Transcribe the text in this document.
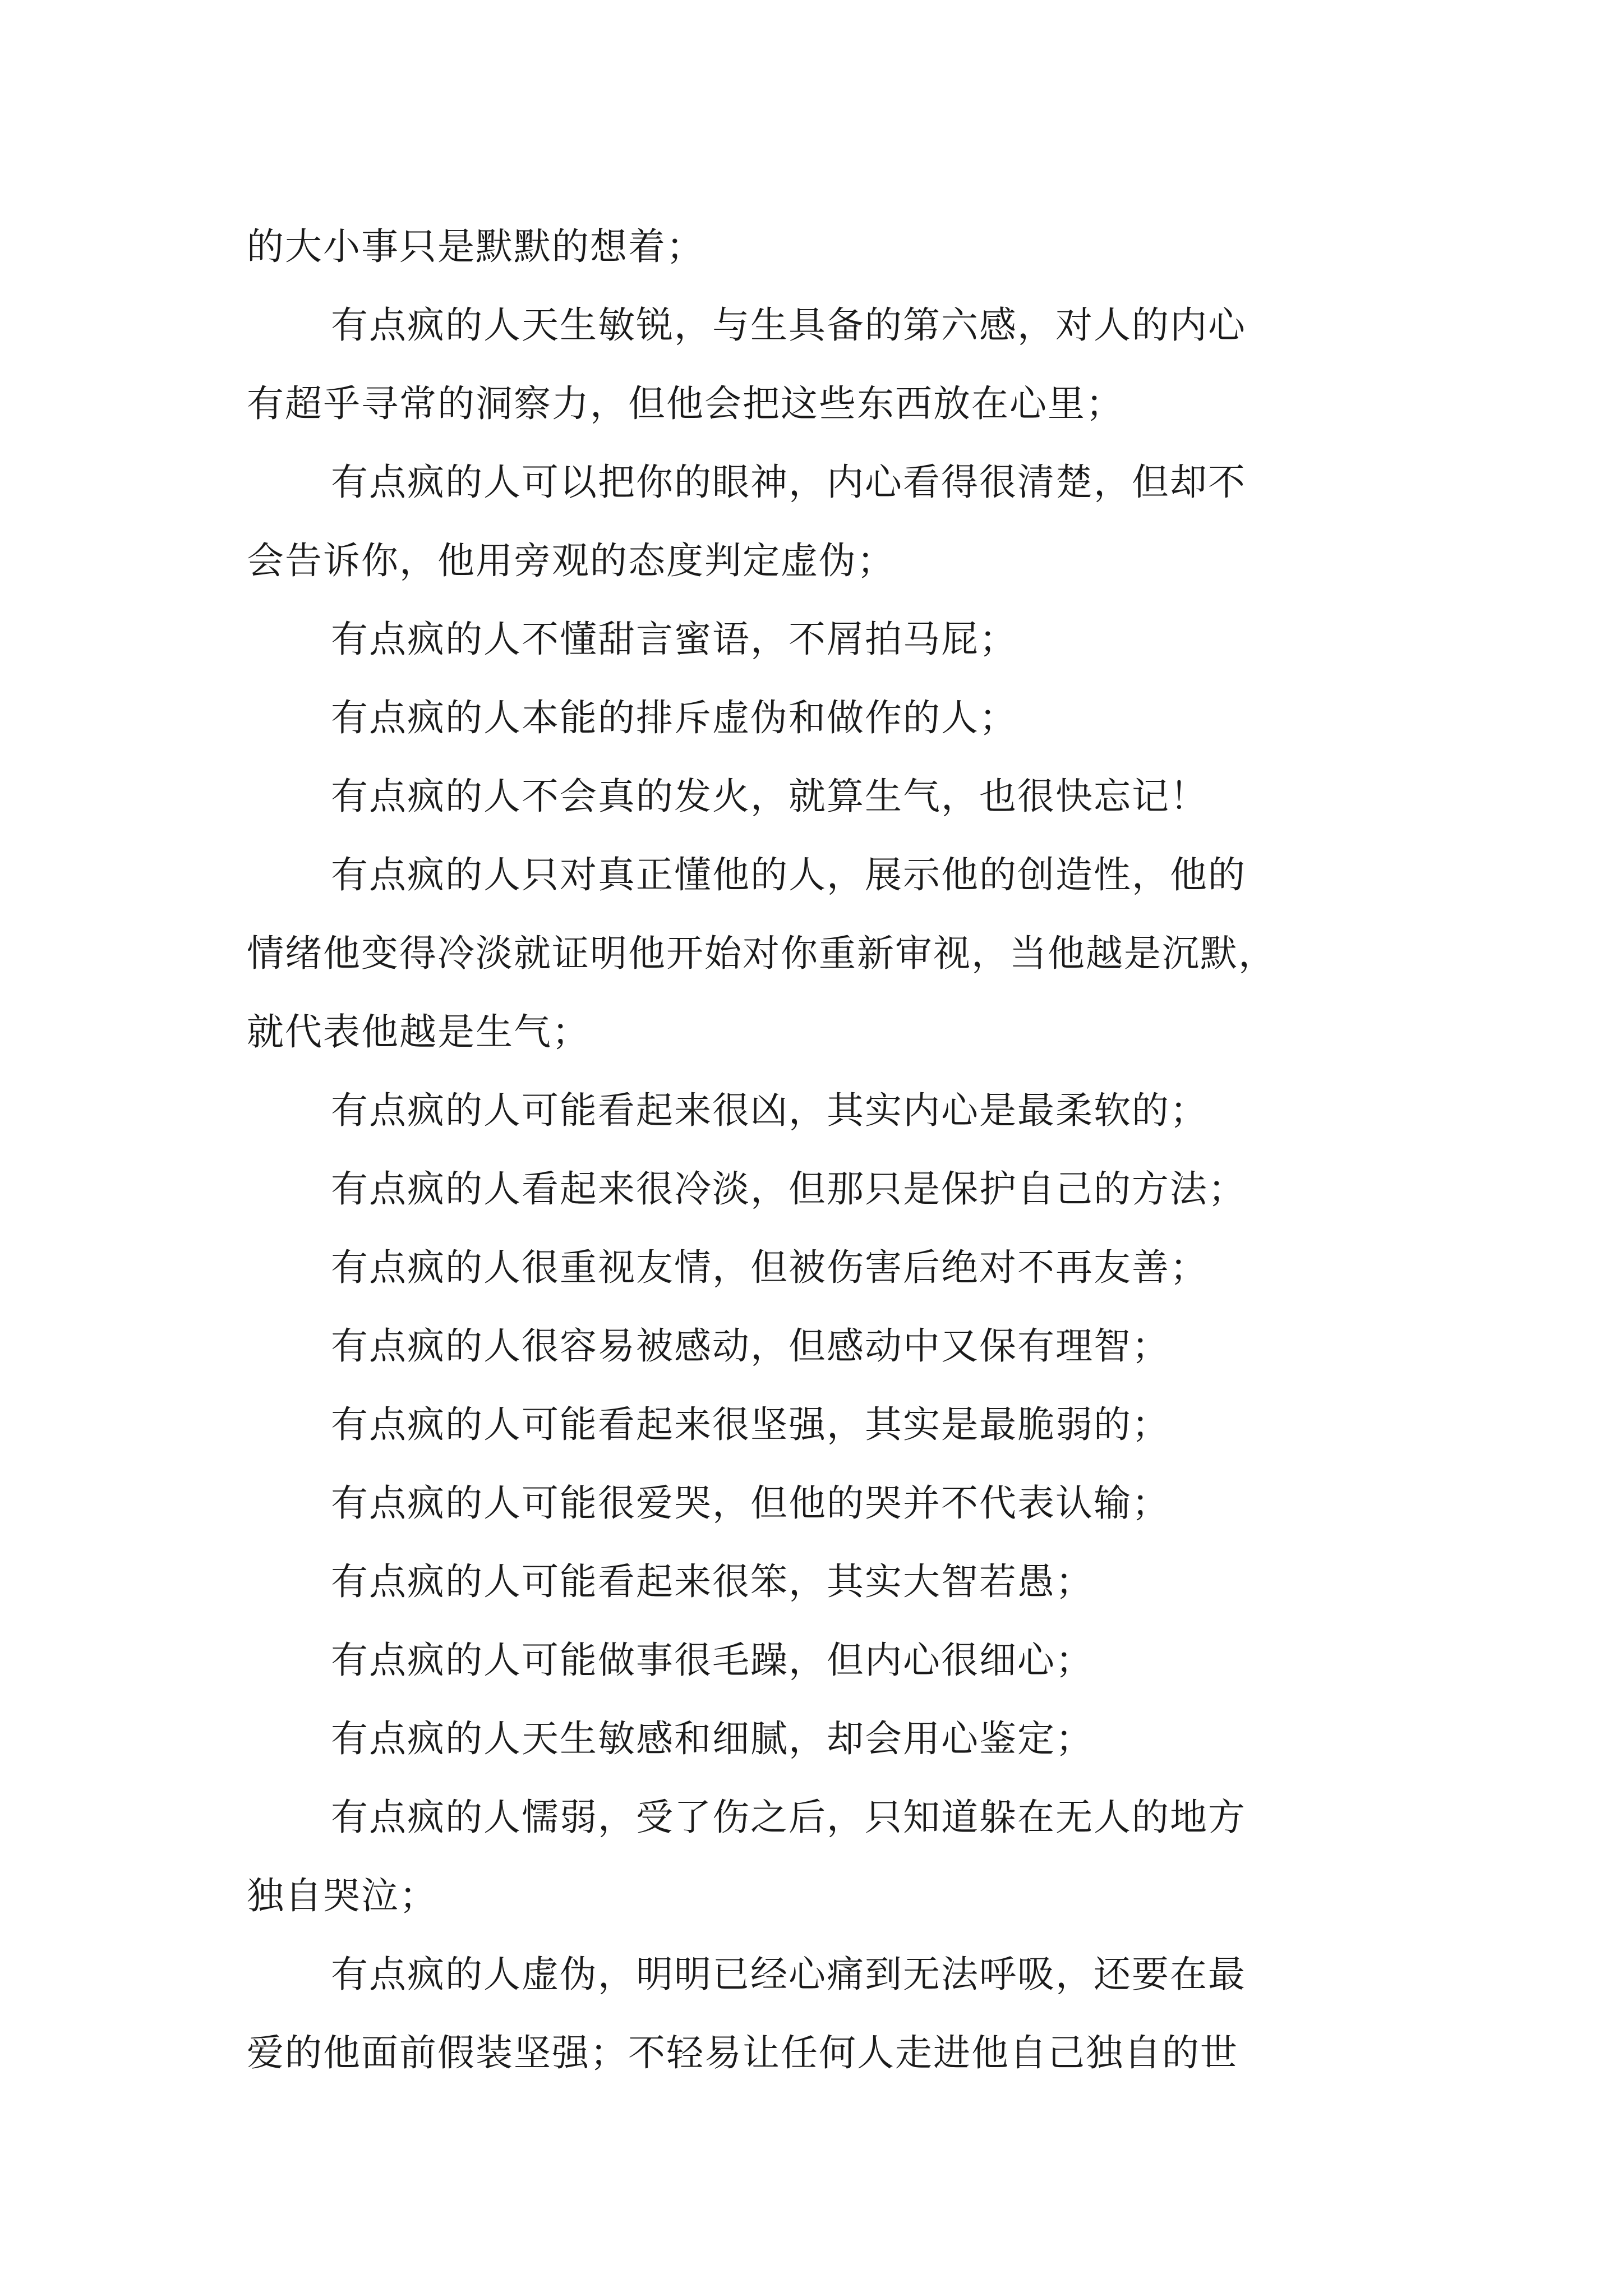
的大小事只是默默的想着；
有点疯的人天生敏锐，与生具备的第六感，对人的内心
有超乎寻常的洞察力，但他会把这些东西放在心里；
有点疯的人可以把你的眼神，内心看得很清楚，但却不
会告诉你，他用旁观的态度判定虚伪；
有点疯的人不懂甜言蜜语，不屑拍马屁；
有点疯的人本能的排斥虚伪和做作的人；
有点疯的人不会真的发火，就算生气，也很快忘记！
有点疯的人只对真正懂他的人，展示他的创造性，他的
情绪他变得冷淡就证明他开始对你重新审视，当他越是沉默，
就代表他越是生气；
有点疯的人可能看起来很凶，其实内心是最柔软的；
有点疯的人看起来很冷淡，但那只是保护自己的方法；
有点疯的人很重视友情，但被伤害后绝对不再友善；
有点疯的人很容易被感动，但感动中又保有理智；
有点疯的人可能看起来很坚强，其实是最脆弱的；
有点疯的人可能很爱哭，但他的哭并不代表认输；
有点疯的人可能看起来很笨，其实大智若愚；
有点疯的人可能做事很毛躁，但内心很细心；
有点疯的人天生敏感和细腻，却会用心鉴定；
有点疯的人懦弱，受了伤之后，只知道躲在无人的地方
独自哭泣；
有点疯的人虚伪，明明已经心痛到无法呼吸，还要在最
爱的他面前假装坚强；不轻易让任何人走进他自己独自的世
